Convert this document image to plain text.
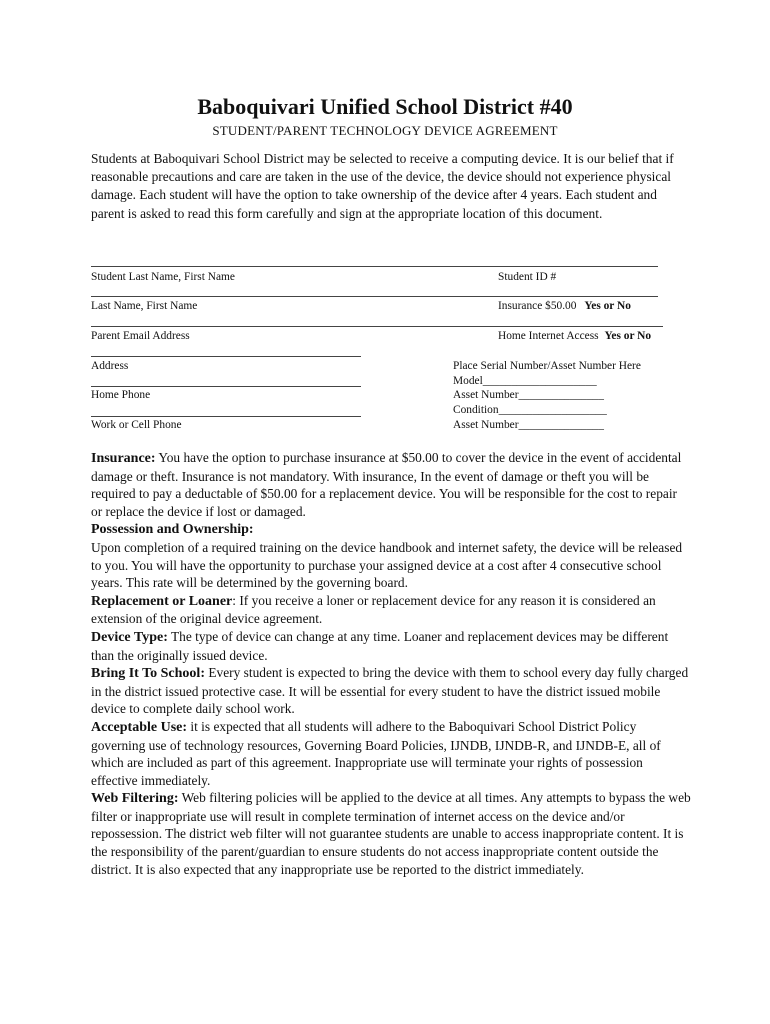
Baboquivari Unified School District #40
STUDENT/PARENT TECHNOLOGY DEVICE AGREEMENT
Students at Baboquivari School District may be selected to receive a computing device. It is our belief that if reasonable precautions and care are taken in the use of the device, the device should not experience physical damage. Each student will have the option to take ownership of the device after 4 years. Each student and parent is asked to read this form carefully and sign at the appropriate location of this document.
Student Last Name, First Name	Student ID #
Last Name, First Name	Insurance $50.00 Yes or No
Parent Email Address	Home Internet Access Yes or No
Address	Place Serial Number/Asset Number Here
Model____________________
Home Phone	Asset Number_______________
Condition___________________
Work or Cell Phone	Asset Number_______________

Insurance: You have the option to purchase insurance at $50.00 to cover the device in the event of accidental damage or theft. Insurance is not mandatory. With insurance, In the event of damage or theft you will be required to pay a deductable of $50.00 for a replacement device. You will be responsible for the cost to repair or replace the device if lost or damaged.

Possession and Ownership:
Upon completion of a required training on the device handbook and internet safety, the device will be released to you. You will have the opportunity to purchase your assigned device at a cost after 4 consecutive school years. This rate will be determined by the governing board.

Replacement or Loaner: If you receive a loner or replacement device for any reason it is considered an extension of the original device agreement.

Device Type: The type of device can change at any time. Loaner and replacement devices may be different than the originally issued device.

Bring It To School: Every student is expected to bring the device with them to school every day fully charged in the district issued protective case. It will be essential for every student to have the district issued mobile device to complete daily school work.

Acceptable Use: it is expected that all students will adhere to the Baboquivari School District Policy governing use of technology resources, Governing Board Policies, IJNDB, IJNDB-R, and IJNDB-E, all of which are included as part of this agreement. Inappropriate use will terminate your rights of possession effective immediately.

Web Filtering: Web filtering policies will be applied to the device at all times. Any attempts to bypass the web filter or inappropriate use will result in complete termination of internet access on the device and/or repossession. The district web filter will not guarantee students are unable to access inappropriate content. It is the responsibility of the parent/guardian to ensure students do not access inappropriate content outside the district. It is also expected that any inappropriate use be reported to the district immediately.
